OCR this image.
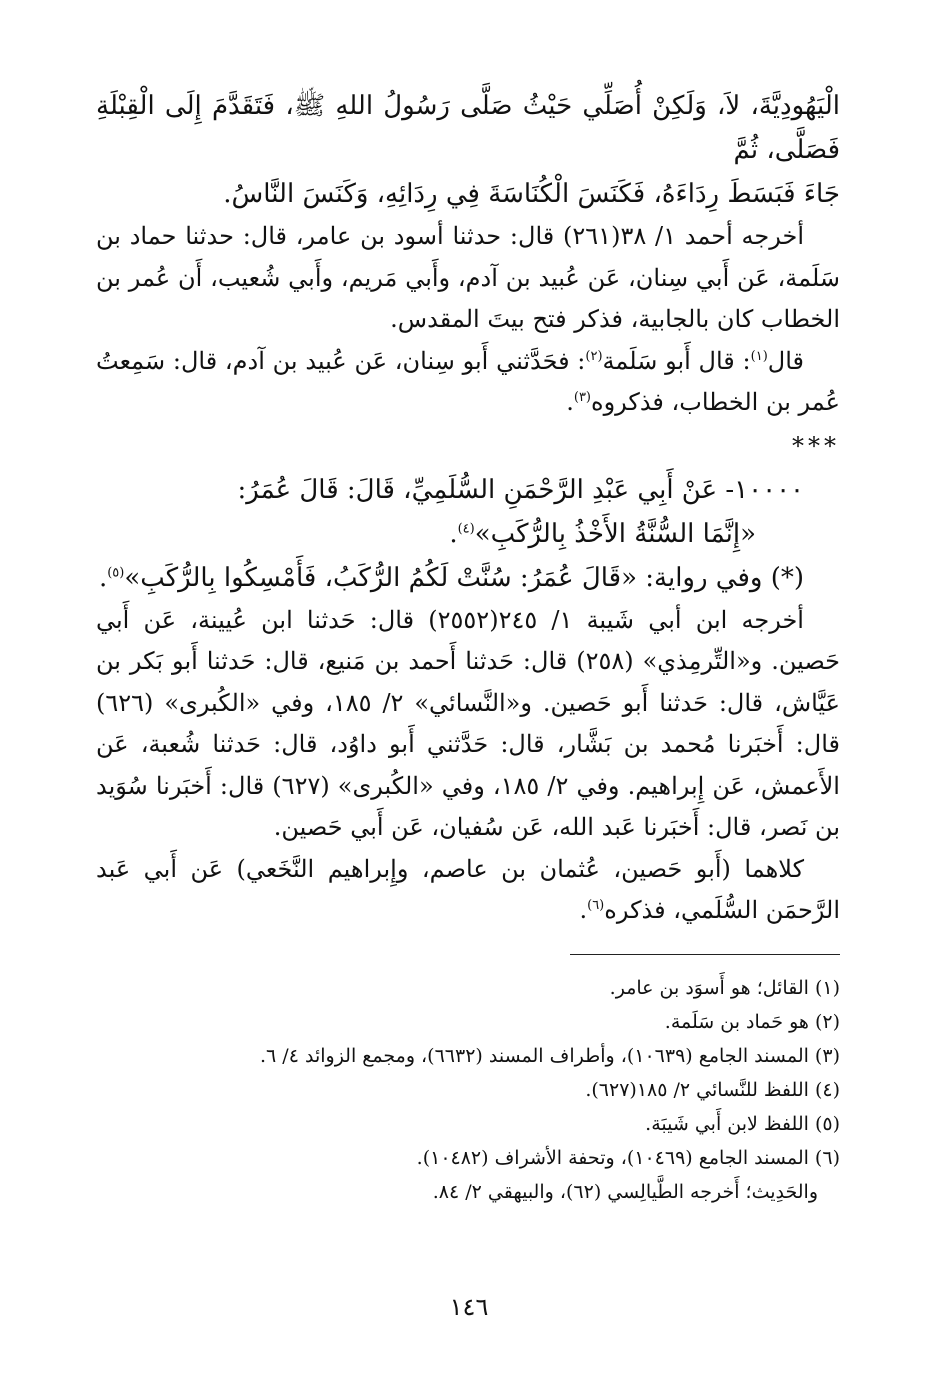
الْيَهُودِيَّةَ، لاَ، وَلَكِنْ أُصَلِّي حَيْثُ صَلَّى رَسُولُ اللهِ ﷺ، فَتَقَدَّمَ إِلَى الْقِبْلَةِ فَصَلَّى، ثُمَّ
جَاءَ فَبَسَطَ رِدَاءَهُ، فَكَنَسَ الْكُنَاسَةَ فِي رِدَائِهِ، وَكَنَسَ النَّاسُ.

أخرجه أحمد ١/ ٣٨(٢٦١) قال: حدثنا أسود بن عامر، قال: حدثنا حماد بن سَلَمة، عَن أَبي سِنان، عَن عُبيد بن آدم، وأَبي مَريم، وأَبي شُعيب، أَن عُمر بن الخطاب كان بالجابية، فذكر فتح بيتَ المقدس.

قال$^{(١)}$: قال أَبو سَلَمة$^{(٢)}$: فحَدَّثني أَبو سِنان، عَن عُبيد بن آدم، قال: سَمِعتُ عُمر بن الخطاب، فذكروه$^{(٣)}$.

***

١٠٠٠٠- عَنْ أَبِي عَبْدِ الرَّحْمَنِ السُّلَمِيِّ، قَالَ: قَالَ عُمَرُ:
«إِنَّمَا السُّنَّةُ الأَخْذُ بِالرُّكَبِ»$^{(٤)}$.
(*) وفي رواية: «قَالَ عُمَرُ: سُنَّتْ لَكُمُ الرُّكَبُ، فَأَمْسِكُوا بِالرُّكَبِ»$^{(٥)}$.

أخرجه ابن أبي شَيبة ١/ ٢٤٥(٢٥٥٢) قال: حَدثنا ابن عُيينة، عَن أَبي حَصين. و«التِّرمِذي» (٢٥٨) قال: حَدثنا أَحمد بن مَنيع، قال: حَدثنا أَبو بَكر بن عَيَّاش، قال: حَدثنا أَبو حَصين. و«النَّسائي» ٢/ ١٨٥، وفي «الكُبرى» (٦٢٦) قال: أَخبَرنا مُحمد بن بَشَّار، قال: حَدَّثني أَبو داوُد، قال: حَدثنا شُعبة، عَن الأَعمش، عَن إِبراهيم. وفي ٢/ ١٨٥، وفي «الكُبرى» (٦٢٧) قال: أَخبَرنا سُوَيد بن نَصر، قال: أَخبَرنا عَبد الله، عَن سُفيان، عَن أَبي حَصين.

كلاهما (أَبو حَصين، عُثمان بن عاصم، وإِبراهيم النَّخَعي) عَن أَبي عَبد الرَّحمَن السُّلَمي، فذكره$^{(٦)}$.

(١) القائل؛ هو أَسوَد بن عامر.
(٢) هو حَماد بن سَلَمة.
(٣) المسند الجامع (١٠٦٣٩)، وأطراف المسند (٦٦٣٢)، ومجمع الزوائد ٤/ ٦.
(٤) اللفظ للنَّسائي ٢/ ١٨٥(٦٢٧).
(٥) اللفظ لابن أَبي شَيبَة.
(٦) المسند الجامع (١٠٤٦٩)، وتحفة الأشراف (١٠٤٨٢).
والحَدِيث؛ أَخرجه الطَّيالِسي (٦٢)، والبيهقي ٢/ ٨٤.
١٤٦
